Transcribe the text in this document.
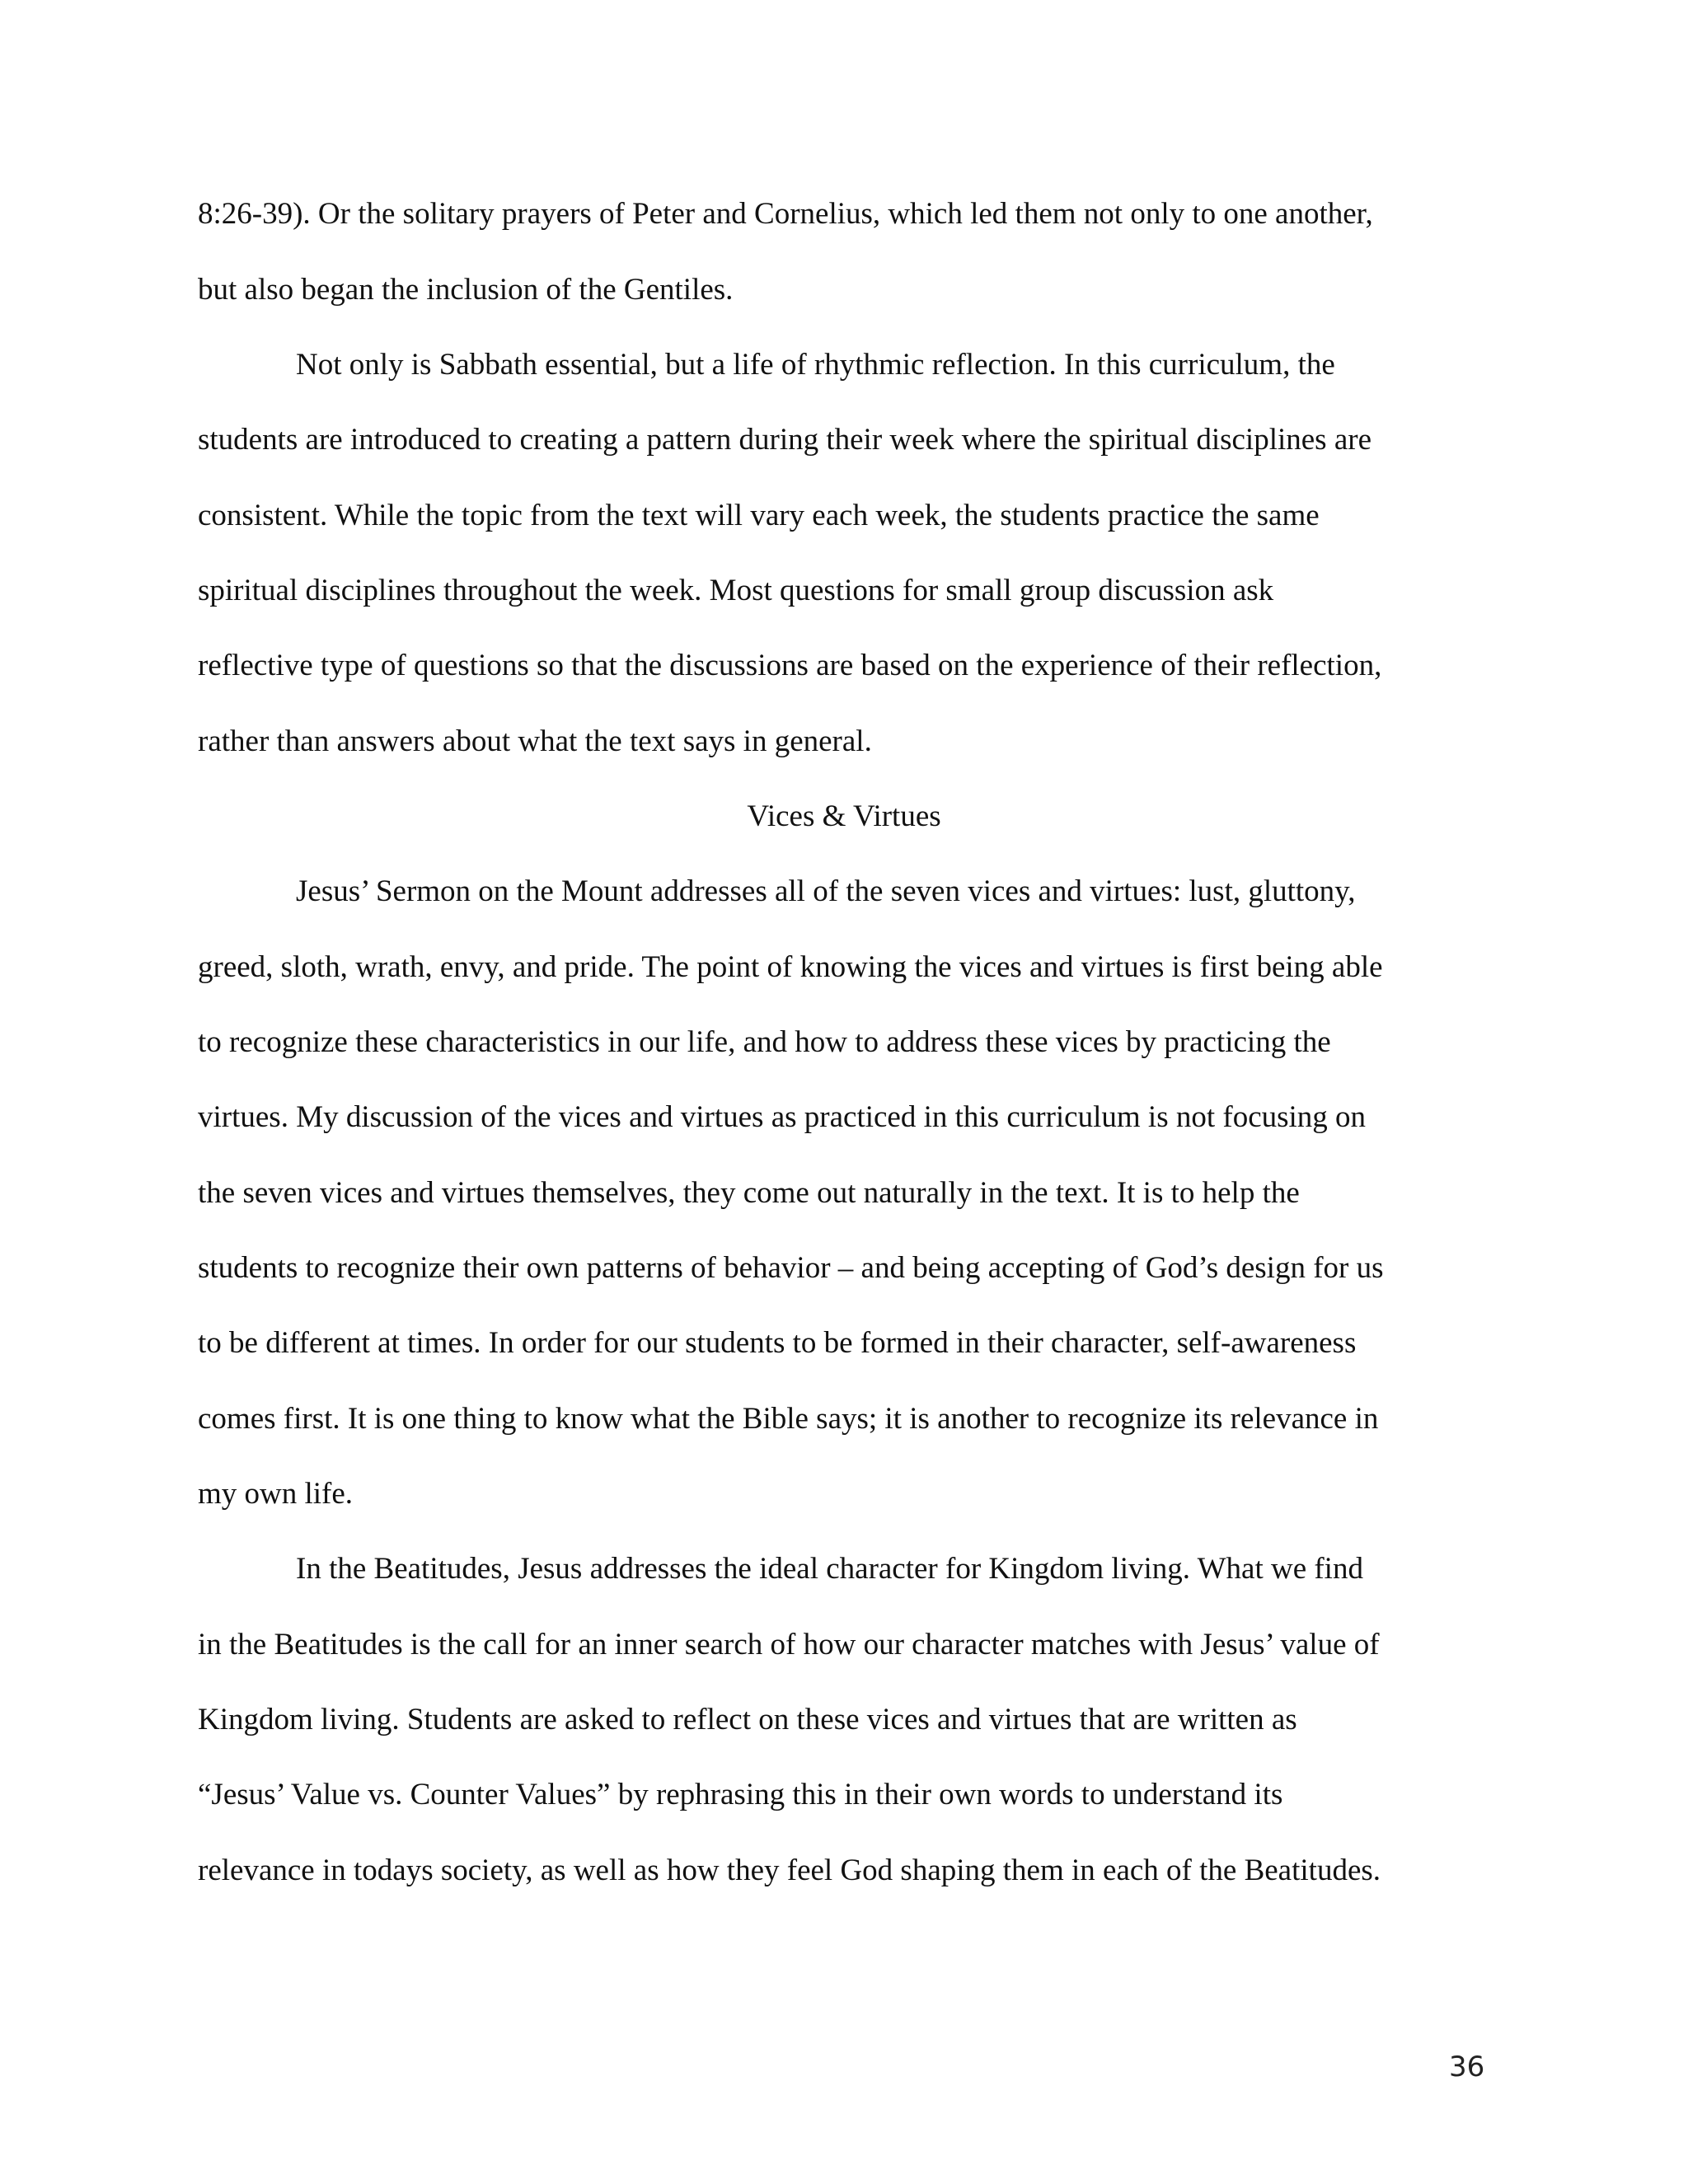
8:26-39). Or the solitary prayers of Peter and Cornelius, which led them not only to one another,
but also began the inclusion of the Gentiles.
Not only is Sabbath essential, but a life of rhythmic reflection. In this curriculum, the
students are introduced to creating a pattern during their week where the spiritual disciplines are
consistent. While the topic from the text will vary each week, the students practice the same
spiritual disciplines throughout the week. Most questions for small group discussion ask
reflective type of questions so that the discussions are based on the experience of their reflection,
rather than answers about what the text says in general.
Vices & Virtues
Jesus’ Sermon on the Mount addresses all of the seven vices and virtues: lust, gluttony,
greed, sloth, wrath, envy, and pride. The point of knowing the vices and virtues is first being able
to recognize these characteristics in our life, and how to address these vices by practicing the
virtues. My discussion of the vices and virtues as practiced in this curriculum is not focusing on
the seven vices and virtues themselves, they come out naturally in the text. It is to help the
students to recognize their own patterns of behavior – and being accepting of God’s design for us
to be different at times. In order for our students to be formed in their character, self-awareness
comes first. It is one thing to know what the Bible says; it is another to recognize its relevance in
my own life.
In the Beatitudes, Jesus addresses the ideal character for Kingdom living. What we find
in the Beatitudes is the call for an inner search of how our character matches with Jesus’ value of
Kingdom living. Students are asked to reflect on these vices and virtues that are written as
“Jesus’ Value vs. Counter Values” by rephrasing this in their own words to understand its
relevance in todays society, as well as how they feel God shaping them in each of the Beatitudes.
36
